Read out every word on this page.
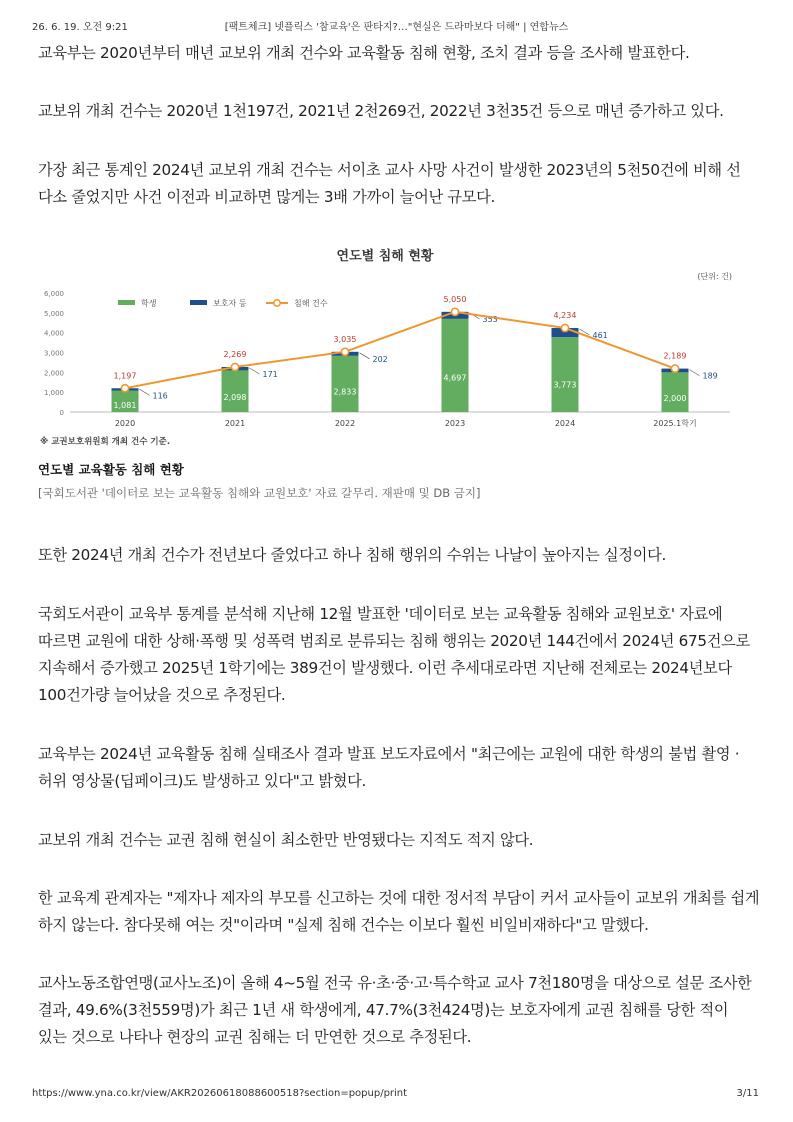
26. 6. 19. 오전 9:21	[팩트체크] 넷플릭스 '참교육'은 판타지?…"현실은 드라마보다 더해" | 연합뉴스

교육부는 2020년부터 매년 교보위 개최 건수와 교육활동 침해 현황, 조치 결과 등을 조사해 발표한다.

교보위 개최 건수는 2020년 1천197건, 2021년 2천269건, 2022년 3천35건 등으로 매년 증가하고 있다.

가장 최근 통계인 2024년 교보위 개최 건수는 서이초 교사 사망 사건이 발생한 2023년의 5천50건에 비해 선 다소 줄었지만 사건 이전과 비교하면 많게는 3배 가까이 늘어난 규모다.

연도별 침해 현황
(단위: 건)
학생	보호자 등	침해 건수
0
1,000
2,000
3,000
4,000
5,000
6,000
1,081
116	2,098
171
2,833
202
4,697
353
3,773
461
2,000
189
1,197
2,269
3,035
5,050
4,234
2,189
2020	2021	2022	2023	2024	2025.1학기
※ 교권보호위원회 개최 건수 기준.
연도별 교육활동 침해 현황
[국회도서관 '데이터로 보는 교육활동 침해와 교원보호' 자료 갈무리. 재판매 및 DB 금지]

또한 2024년 개최 건수가 전년보다 줄었다고 하나 침해 행위의 수위는 나날이 높아지는 실정이다.

국회도서관이 교육부 통계를 분석해 지난해 12월 발표한 '데이터로 보는 교육활동 침해와 교원보호' 자료에 따르면 교원에 대한 상해·폭행 및 성폭력 범죄로 분류되는 침해 행위는 2020년 144건에서 2024년 675건으로 지속해서 증가했고 2025년 1학기에는 389건이 발생했다. 이런 추세대로라면 지난해 전체로는 2024년보다 100건가량 늘어났을 것으로 추정된다.

교육부는 2024년 교육활동 침해 실태조사 결과 발표 보도자료에서 "최근에는 교원에 대한 학생의 불법 촬영 ·허위 영상물(딥페이크)도 발생하고 있다"고 밝혔다.

교보위 개최 건수는 교권 침해 현실이 최소한만 반영됐다는 지적도 적지 않다.

한 교육계 관계자는 "제자나 제자의 부모를 신고하는 것에 대한 정서적 부담이 커서 교사들이 교보위 개최를 쉽게 하지 않는다. 참다못해 여는 것"이라며 "실제 침해 건수는 이보다 훨씬 비일비재하다"고 말했다.

교사노동조합연맹(교사노조)이 올해 4~5월 전국 유·초·중·고·특수학교 교사 7천180명을 대상으로 설문 조사한 결과, 49.6%(3천559명)가 최근 1년 새 학생에게, 47.7%(3천424명)는 보호자에게 교권 침해를 당한 적이 있는 것으로 나타나 현장의 교권 침해는 더 만연한 것으로 추정된다.

https://www.yna.co.kr/view/AKR20260618088600518?section=popup/print	3/11
